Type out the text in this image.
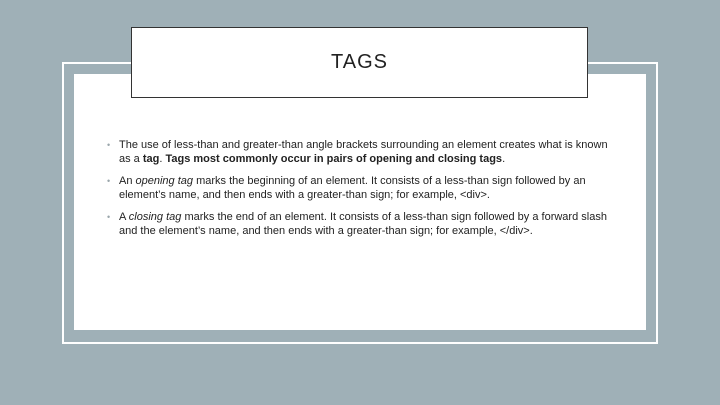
TAGS
• The use of less-than and greater-than angle brackets surrounding an element creates what is known as a tag. Tags most commonly occur in pairs of opening and closing tags.
• An opening tag marks the beginning of an element. It consists of a less-than sign followed by an element’s name, and then ends with a greater-than sign; for example, <div>.
• A closing tag marks the end of an element. It consists of a less-than sign followed by a forward slash and the element’s name, and then ends with a greater-than sign; for example, </div>.
